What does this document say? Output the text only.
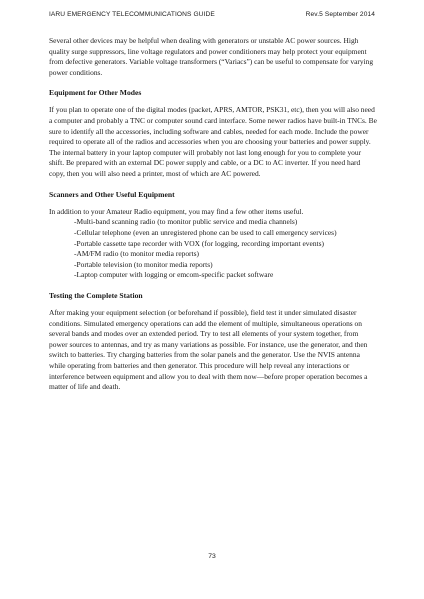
IARU EMERGENCY TELECOMMUNICATIONS GUIDE	Rev.5 September 2014

Several other devices may be helpful when dealing with generators or unstable AC power sources. High quality surge suppressors, line voltage regulators and power conditioners may help protect your equipment from defective generators. Variable voltage transformers (“Variacs”) can be useful to compensate for varying power conditions.

Equipment for Other Modes

If you plan to operate one of the digital modes (packet, APRS, AMTOR, PSK31, etc), then you will also need a computer and probably a TNC or computer sound card interface. Some newer radios have built-in TNCs. Be sure to identify all the accessories, including software and cables, needed for each mode. Include the power required to operate all of the radios and accessories when you are choosing your batteries and power supply. The internal battery in your laptop computer will probably not last long enough for you to complete your shift. Be prepared with an external DC power supply and cable, or a DC to AC inverter. If you need hard copy, then you will also need a printer, most of which are AC powered.

Scanners and Other Useful Equipment

In addition to your Amateur Radio equipment, you may find a few other items useful.

-Multi-band scanning radio (to monitor public service and media channels)
-Cellular telephone (even an unregistered phone can be used to call emergency services)
-Portable cassette tape recorder with VOX (for logging, recording important events)
-AM/FM radio (to monitor media reports)
-Portable television (to monitor media reports)
-Laptop computer with logging or emcom-specific packet software
Testing the Complete Station

After making your equipment selection (or beforehand if possible), field test it under simulated disaster conditions. Simulated emergency operations can add the element of multiple, simultaneous operations on several bands and modes over an extended period. Try to test all elements of your system together, from power sources to antennas, and try as many variations as possible. For instance, use the generator, and then switch to batteries. Try charging batteries from the solar panels and the generator. Use the NVIS antenna while operating from batteries and then generator. This procedure will help reveal any interactions or interference between equipment and allow you to deal with them now—before proper operation becomes a matter of life and death.

73
